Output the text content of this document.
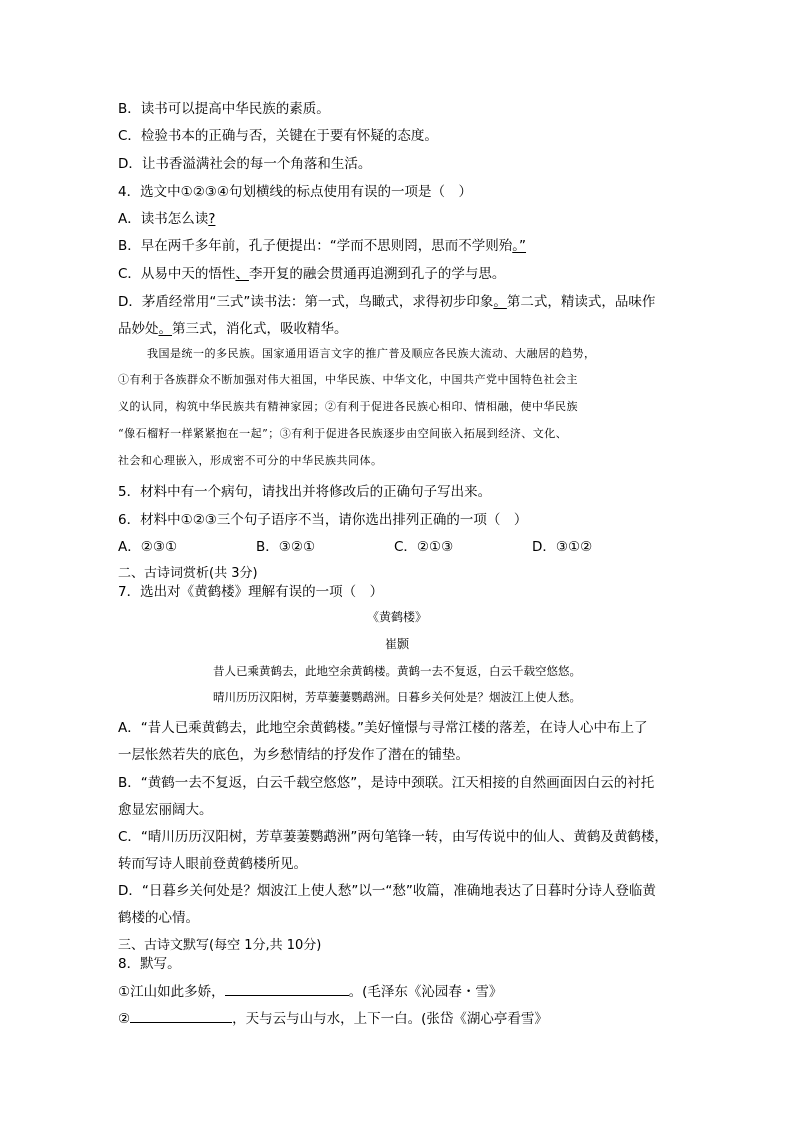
B．读书可以提高中华民族的素质。
C．检验书本的正确与否，关键在于要有怀疑的态度。
D．让书香溢满社会的每一个角落和生活。
4．选文中①②③④句划横线的标点使用有误的一项是（　）
A．读书怎么读?
B．早在两千多年前，孔子便提出：“学而不思则罔，思而不学则殆。”
C．从易中天的悟性、李开复的融会贯通再追溯到孔子的学与思。
D．茅盾经常用“三式”读书法：第一式，鸟瞰式，求得初步印象。第二式，精读式，品味作
品妙处。第三式，消化式，吸收精华。
我国是统一的多民族。国家通用语言文字的推广普及顺应各民族大流动、大融居的趋势，
①有利于各族群众不断加强对伟大祖国，中华民族、中华文化，中国共产党中国特色社会主
义的认同，构筑中华民族共有精神家园；②有利于促进各民族心相印、情相融，使中华民族
“像石榴籽一样紧紧抱在一起”；③有利于促进各民族逐步由空间嵌入拓展到经济、文化、
社会和心理嵌入，形成密不可分的中华民族共同体。
5．材料中有一个病句，请找出并将修改后的正确句子写出来。
6．材料中①②③三个句子语序不当，请你选出排列正确的一项（　）
A．②③①	B．③②①	C．②①③	D．③①②
二、古诗词赏析(共 3分)
7．选出对《黄鹤楼》理解有误的一项（　）
《黄鹤楼》
崔颢
昔人已乘黄鹤去，此地空余黄鹤楼。黄鹤一去不复返，白云千载空悠悠。
晴川历历汉阳树，芳草萋萋鹦鹉洲。日暮乡关何处是？烟波江上使人愁。
A．“昔人已乘黄鹤去，此地空余黄鹤楼。”美好憧憬与寻常江楼的落差，在诗人心中布上了
一层怅然若失的底色，为乡愁情结的抒发作了潜在的铺垫。
B．“黄鹤一去不复返，白云千载空悠悠”，是诗中颈联。江天相接的自然画面因白云的衬托
愈显宏丽阔大。
C．“晴川历历汉阳树，芳草萋萋鹦鹉洲”两句笔锋一转，由写传说中的仙人、黄鹤及黄鹤楼，
转而写诗人眼前登黄鹤楼所见。
D．“日暮乡关何处是？烟波江上使人愁”以一“愁”收篇，准确地表达了日暮时分诗人登临黄
鹤楼的心情。
三、古诗文默写(每空 1分,共 10分)
8．默写。
①江山如此多娇，	。(毛泽东《沁园春・雪》
②	，天与云与山与水，上下一白。(张岱《湖心亭看雪》
